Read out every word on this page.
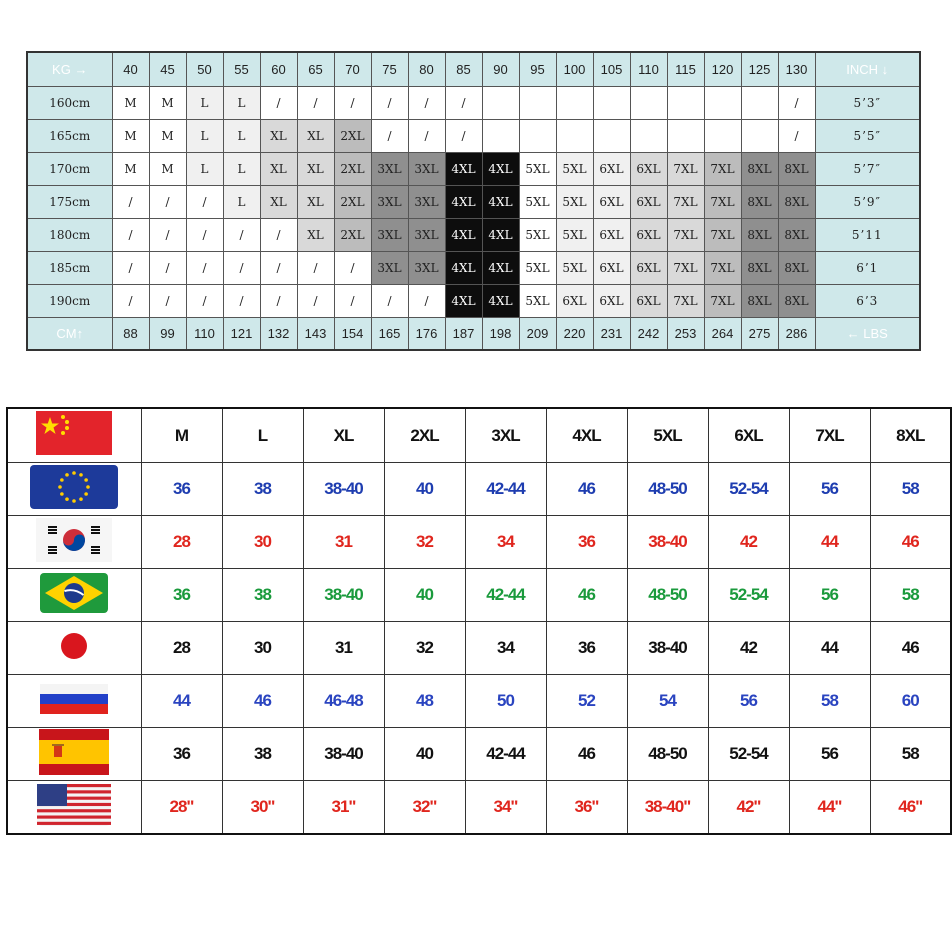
KG →	40	45	50	55	60	65	70	75	80	85	90	95	100	105	110	115	120	125	130	INCH ↓
160cm	M	M	L	L	/	/	/	/	/	/									/	5’3″
165cm	M	M	L	L	XL	XL	2XL	/	/	/									/	5’5″
170cm	M	M	L	L	XL	XL	2XL	3XL	3XL	4XL	4XL	5XL	5XL	6XL	6XL	7XL	7XL	8XL	8XL	5’7″
175cm	/	/	/	L	XL	XL	2XL	3XL	3XL	4XL	4XL	5XL	5XL	6XL	6XL	7XL	7XL	8XL	8XL	5’9″
180cm	/	/	/	/	/	XL	2XL	3XL	3XL	4XL	4XL	5XL	5XL	6XL	6XL	7XL	7XL	8XL	8XL	5’11
185cm	/	/	/	/	/	/	/	3XL	3XL	4XL	4XL	5XL	5XL	6XL	6XL	7XL	7XL	8XL	8XL	6’1
190cm	/	/	/	/	/	/	/	/	/	4XL	4XL	5XL	6XL	6XL	6XL	7XL	7XL	8XL	8XL	6’3
CM↑	88	99	110	121	132	143	154	165	176	187	198	209	220	231	242	253	264	275	286	← LBS
	M	L	XL	2XL	3XL	4XL	5XL	6XL	7XL	8XL
	36	38	38-40	40	42-44	46	48-50	52-54	56	58
	28	30	31	32	34	36	38-40	42	44	46
	36	38	38-40	40	42-44	46	48-50	52-54	56	58
	28	30	31	32	34	36	38-40	42	44	46
	44	46	46-48	48	50	52	54	56	58	60
	36	38	38-40	40	42-44	46	48-50	52-54	56	58
	28"	30"	31"	32"	34"	36"	38-40"	42"	44"	46"
